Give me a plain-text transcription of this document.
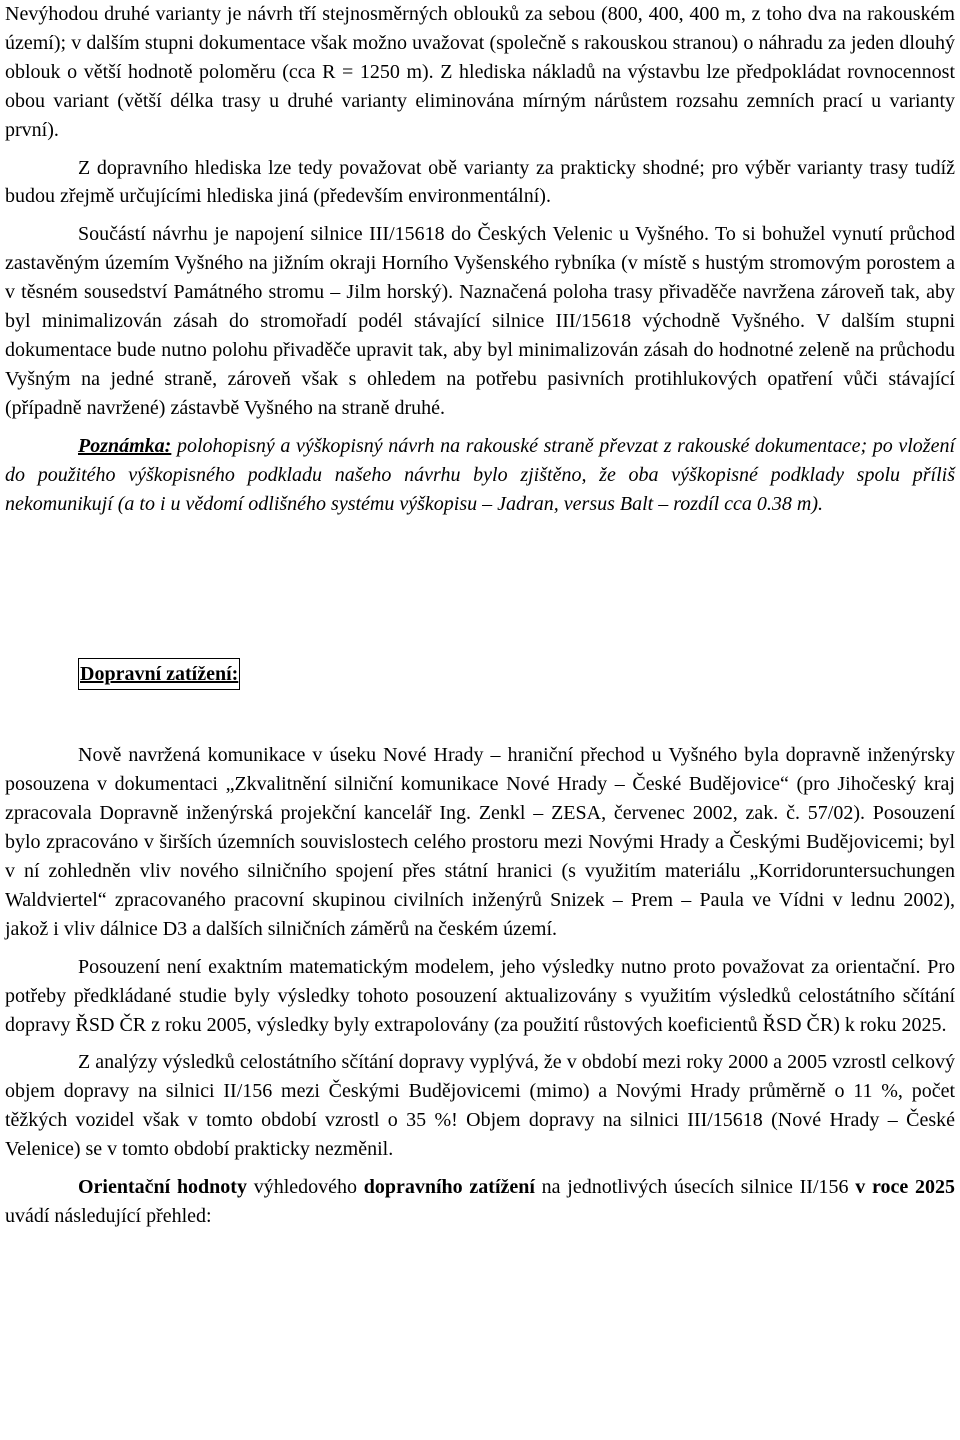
Nevýhodou druhé varianty je návrh tří stejnosměrných oblouků za sebou (800, 400, 400 m, z toho dva na rakouském území); v dalším stupni dokumentace však možno uvažovat (společně s rakouskou stranou) o náhradu za jeden dlouhý oblouk o větší hodnotě poloměru (cca R = 1250 m). Z hlediska nákladů na výstavbu lze předpokládat rovnocennost obou variant (větší délka trasy u druhé varianty eliminována mírným nárůstem rozsahu zemních prací u varianty první).

Z dopravního hlediska lze tedy považovat obě varianty za prakticky shodné; pro výběr varianty trasy tudíž budou zřejmě určujícími hlediska jiná (především environmentální).

Součástí návrhu je napojení silnice III/15618 do Českých Velenic u Vyšného. To si bohužel vynutí průchod zastavěným územím Vyšného na jižním okraji Horního Vyšenského rybníka (v místě s hustým stromovým porostem a v těsném sousedství Památného stromu – Jilm horský). Naznačená poloha trasy přivaděče navržena zároveň tak, aby byl minimalizován zásah do stromořadí podél stávající silnice III/15618 východně Vyšného. V dalším stupni dokumentace bude nutno polohu přivaděče upravit tak, aby byl minimalizován zásah do hodnotné zeleně na průchodu Vyšným na jedné straně, zároveň však s ohledem na potřebu pasivních protihlukových opatření vůči stávající (případně navržené) zástavbě Vyšného na straně druhé.

Poznámka: polohopisný a výškopisný návrh na rakouské straně převzat z rakouské dokumentace; po vložení do použitého výškopisného podkladu našeho návrhu bylo zjištěno, že oba výškopisné podklady spolu příliš nekomunikují (a to i u vědomí odlišného systému výškopisu – Jadran, versus Balt – rozdíl cca 0.38 m).

Dopravní zatížení:

Nově navržená komunikace v úseku Nové Hrady – hraniční přechod u Vyšného byla dopravně inženýrsky posouzena v dokumentaci „Zkvalitnění silniční komunikace Nové Hrady – České Budějovice“ (pro Jihočeský kraj zpracovala Dopravně inženýrská projekční kancelář Ing. Zenkl – ZESA, červenec 2002, zak. č. 57/02). Posouzení bylo zpracováno v širších územních souvislostech celého prostoru mezi Novými Hrady a Českými Budějovicemi; byl v ní zohledněn vliv nového silničního spojení přes státní hranici (s využitím materiálu „Korridoruntersuchungen Waldviertel“ zpracovaného pracovní skupinou civilních inženýrů Snizek – Prem – Paula ve Vídni v lednu 2002), jakož i vliv dálnice D3 a dalších silničních záměrů na českém území.

Posouzení není exaktním matematickým modelem, jeho výsledky nutno proto považovat za orientační. Pro potřeby předkládané studie byly výsledky tohoto posouzení aktualizovány s využitím výsledků celostátního sčítání dopravy ŘSD ČR z roku 2005, výsledky byly extrapolovány (za použití růstových koeficientů ŘSD ČR) k roku 2025.

Z analýzy výsledků celostátního sčítání dopravy vyplývá, že v období mezi roky 2000 a 2005 vzrostl celkový objem dopravy na silnici II/156 mezi Českými Budějovicemi (mimo) a Novými Hrady průměrně o 11 %, počet těžkých vozidel však v tomto období vzrostl o 35 %! Objem dopravy na silnici III/15618 (Nové Hrady – České Velenice) se v tomto období prakticky nezměnil.

Orientační hodnoty výhledového dopravního zatížení na jednotlivých úsecích silnice II/156 v roce 2025 uvádí následující přehled:
